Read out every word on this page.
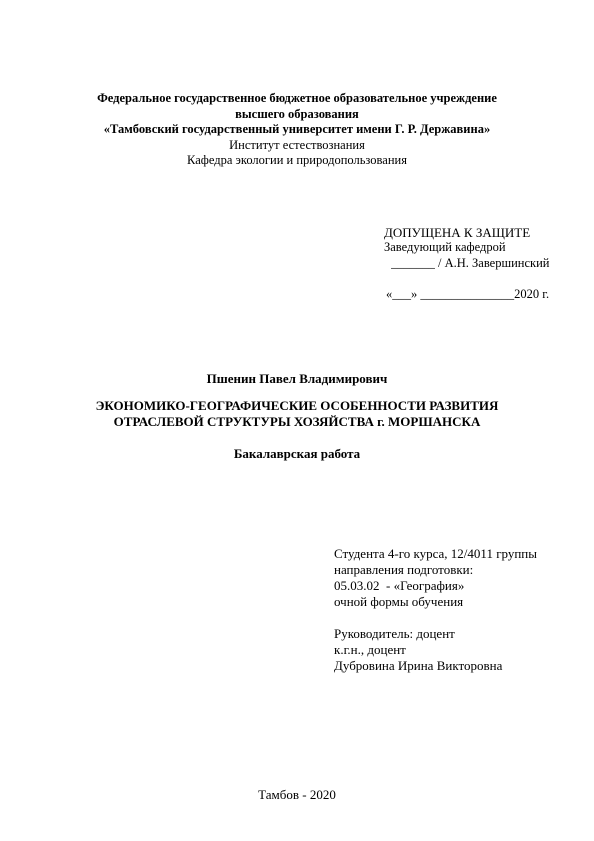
Федеральное государственное бюджетное образовательное учреждение
высшего образования
«Тамбовский государственный университет имени Г. Р. Державина»
Институт естествознания
Кафедра экологии и природопользования
ДОПУЩЕНА К ЗАЩИТЕ
Заведующий кафедрой
_______ / А.Н. Завершинский
«___» _______________2020 г.
Пшенин Павел Владимирович
ЭКОНОМИКО-ГЕОГРАФИЧЕСКИЕ ОСОБЕННОСТИ РАЗВИТИЯ
ОТРАСЛЕВОЙ СТРУКТУРЫ ХОЗЯЙСТВА г. МОРШАНСКА
Бакалаврская работа
Студента 4-го курса, 12/4011 группы
направления подготовки:
05.03.02  - «География»
очной формы обучения
Руководитель: доцент
к.г.н., доцент
Дубровина Ирина Викторовна
Тамбов - 2020
